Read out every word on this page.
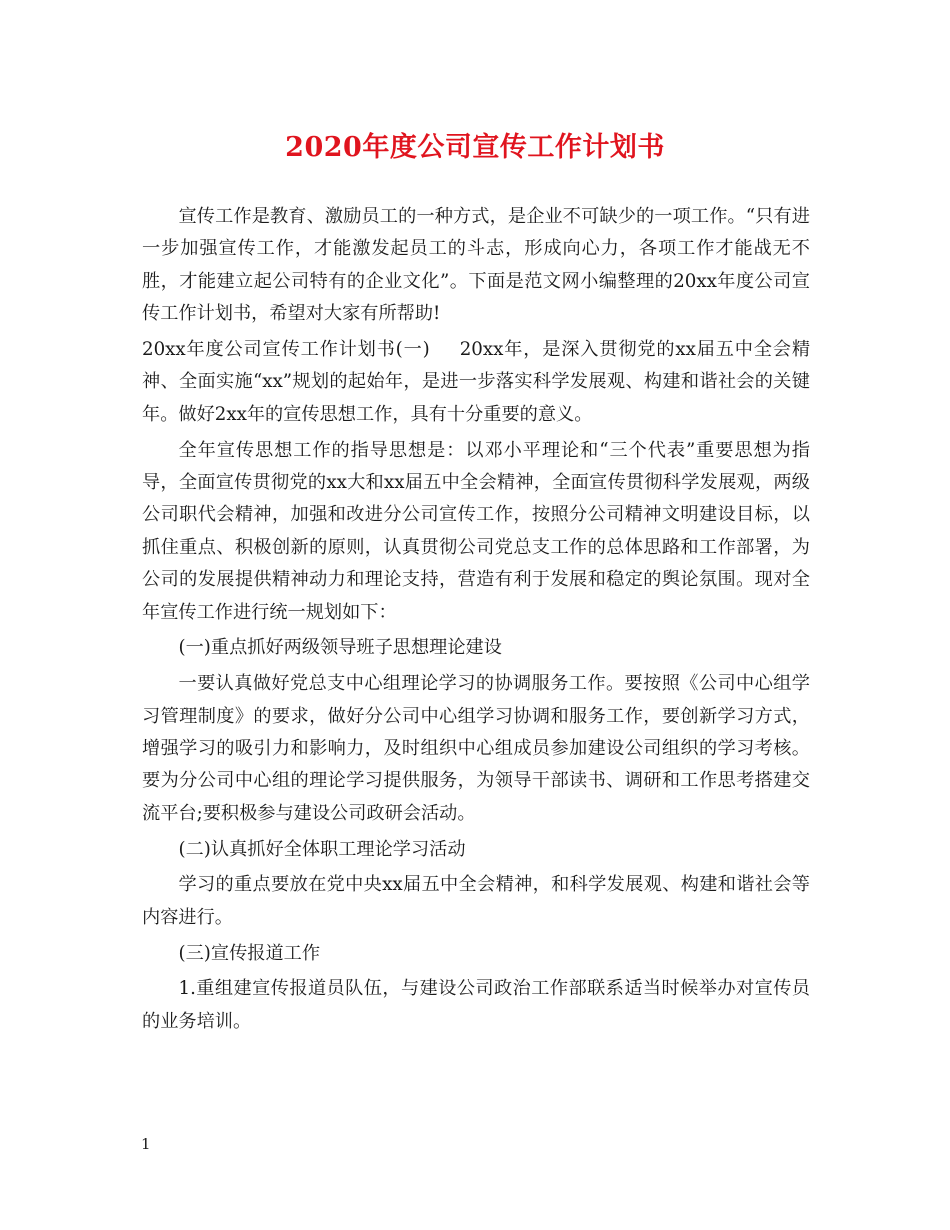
2020年度公司宣传工作计划书

宣传工作是教育、激励员工的一种方式，是企业不可缺少的一项工作。“只有进一步加强宣传工作，才能激发起员工的斗志，形成向心力，各项工作才能战无不胜，才能建立起公司特有的企业文化”。下面是范文网小编整理的20xx年度公司宣传工作计划书，希望对大家有所帮助!

20xx年度公司宣传工作计划书(一) 20xx年，是深入贯彻党的xx届五中全会精神、全面实施“xx”规划的起始年，是进一步落实科学发展观、构建和谐社会的关键年。做好2xx年的宣传思想工作，具有十分重要的意义。

全年宣传思想工作的指导思想是：以邓小平理论和“三个代表”重要思想为指导，全面宣传贯彻党的xx大和xx届五中全会精神，全面宣传贯彻科学发展观，两级公司职代会精神，加强和改进分公司宣传工作，按照分公司精神文明建设目标，以抓住重点、积极创新的原则，认真贯彻公司党总支工作的总体思路和工作部署，为公司的发展提供精神动力和理论支持，营造有利于发展和稳定的舆论氛围。现对全年宣传工作进行统一规划如下：

(一)重点抓好两级领导班子思想理论建设

一要认真做好党总支中心组理论学习的协调服务工作。要按照《公司中心组学习管理制度》的要求，做好分公司中心组学习协调和服务工作，要创新学习方式，增强学习的吸引力和影响力，及时组织中心组成员参加建设公司组织的学习考核。要为分公司中心组的理论学习提供服务，为领导干部读书、调研和工作思考搭建交流平台;要积极参与建设公司政研会活动。

(二)认真抓好全体职工理论学习活动

学习的重点要放在党中央xx届五中全会精神，和科学发展观、构建和谐社会等内容进行。

(三)宣传报道工作

1.重组建宣传报道员队伍，与建设公司政治工作部联系适当时候举办对宣传员的业务培训。

1
